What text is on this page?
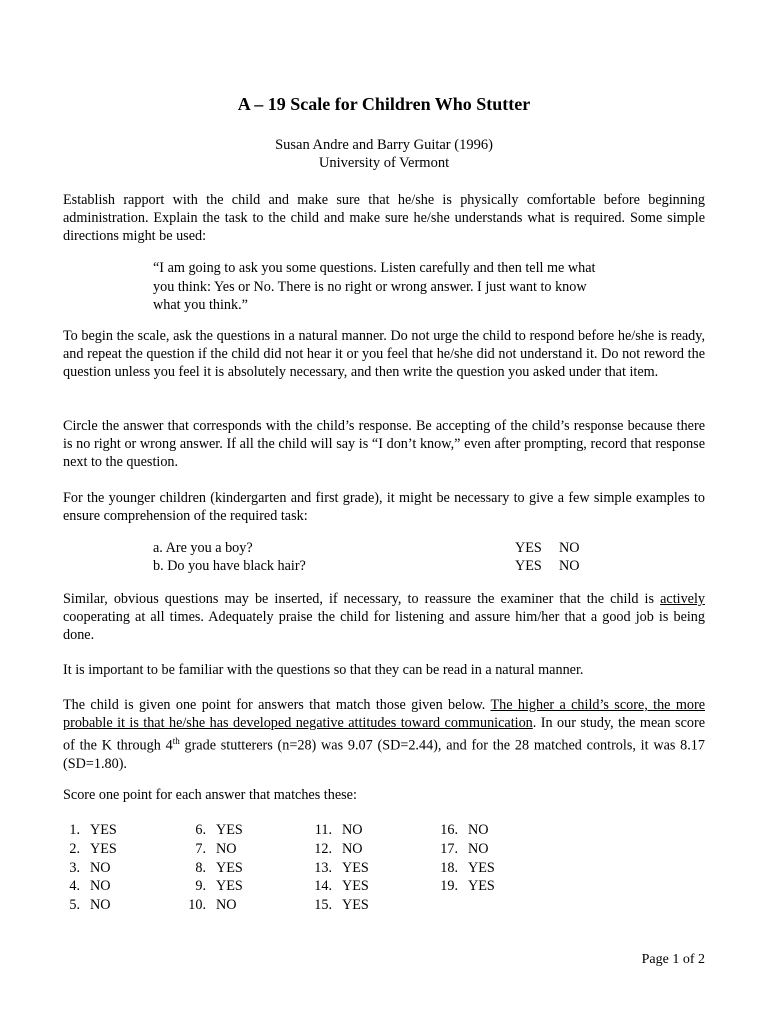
A – 19 Scale for Children Who Stutter
Susan Andre and Barry Guitar (1996)
University of Vermont

Establish rapport with the child and make sure that he/she is physically comfortable before beginning administration. Explain the task to the child and make sure he/she understands what is required. Some simple directions might be used:

“I am going to ask you some questions. Listen carefully and then tell me what you think: Yes or No. There is no right or wrong answer. I just want to know what you think.”

To begin the scale, ask the questions in a natural manner. Do not urge the child to respond before he/she is ready, and repeat the question if the child did not hear it or you feel that he/she did not understand it. Do not reword the question unless you feel it is absolutely necessary, and then write the question you asked under that item.

Circle the answer that corresponds with the child’s response. Be accepting of the child’s response because there is no right or wrong answer. If all the child will say is “I don’t know,” even after prompting, record that response next to the question.

For the younger children (kindergarten and first grade), it might be necessary to give a few simple examples to ensure comprehension of the required task:

a. Are you a boy?	YES NO
b. Do you have black hair?	YES NO

Similar, obvious questions may be inserted, if necessary, to reassure the examiner that the child is actively cooperating at all times. Adequately praise the child for listening and assure him/her that a good job is being done.

It is important to be familiar with the questions so that they can be read in a natural manner.

The child is given one point for answers that match those given below. The higher a child’s score, the more probable it is that he/she has developed negative attitudes toward communication. In our study, the mean score of the K through 4th grade stutterers (n=28) was 9.07 (SD=2.44), and for the 28 matched controls, it was 8.17 (SD=1.80).

Score one point for each answer that matches these:

1. YES
2. YES
3. NO
4. NO
5. NO
6. YES
7. NO
8. YES
9. YES
10. NO
11. NO
12. NO
13. YES
14. YES
15. YES
16. NO
17. NO
18. YES
19. YES
Page 1 of 2
